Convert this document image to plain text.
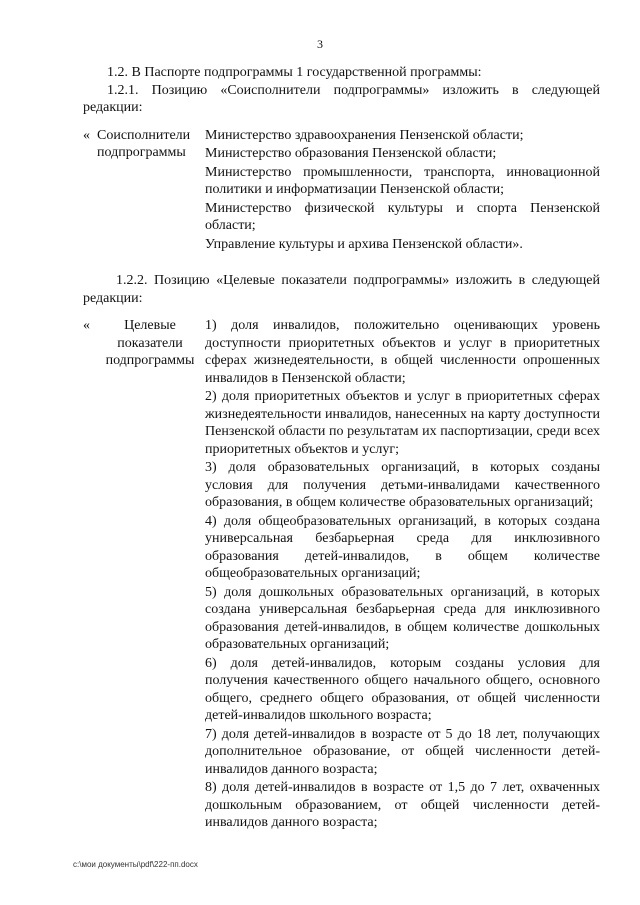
3

1.2. В Паспорте подпрограммы 1 государственной программы:

1.2.1. Позицию «Соисполнители подпрограммы» изложить в следующей редакции:

« Соисполнители подпрограммы

Министерство здравоохранения Пензенской области;

Министерство образования Пензенской области;

Министерство промышленности, транспорта, инновационной политики и информатизации Пензенской области;

Министерство физической культуры и спорта Пензенской области;

Управление культуры и архива Пензенской области».

1.2.2. Позицию «Целевые показатели подпрограммы» изложить в следующей редакции:

«	Целевые показатели подпрограммы

1) доля инвалидов, положительно оценивающих уровень доступности приоритетных объектов и услуг в приоритетных сферах жизнедеятельности, в общей численности опрошенных инвалидов в Пензенской области;

2) доля приоритетных объектов и услуг в приоритетных сферах жизнедеятельности инвалидов, нанесенных на карту доступности Пензенской области по результатам их паспортизации, среди всех приоритетных объектов и услуг;

3) доля образовательных организаций, в которых созданы условия для получения детьми-инвалидами качественного образования, в общем количестве образовательных организаций;

4) доля общеобразовательных организаций, в которых создана универсальная безбарьерная среда для инклюзивного образования детей-инвалидов, в общем количестве общеобразовательных организаций;

5) доля дошкольных образовательных организаций, в которых создана универсальная безбарьерная среда для инклюзивного образования детей-инвалидов, в общем количестве дошкольных образовательных организаций;

6) доля детей-инвалидов, которым созданы условия для получения качественного общего начального общего, основного общего, среднего общего образования, от общей численности детей-инвалидов школьного возраста;

7) доля детей-инвалидов в возрасте от 5 до 18 лет, получающих дополнительное образование, от общей численности детей-инвалидов данного возраста;

8) доля детей-инвалидов в возрасте от 1,5 до 7 лет, охваченных дошкольным образованием, от общей численности детей-инвалидов данного возраста;

c:\мои документы\pdf\222-пп.docx
